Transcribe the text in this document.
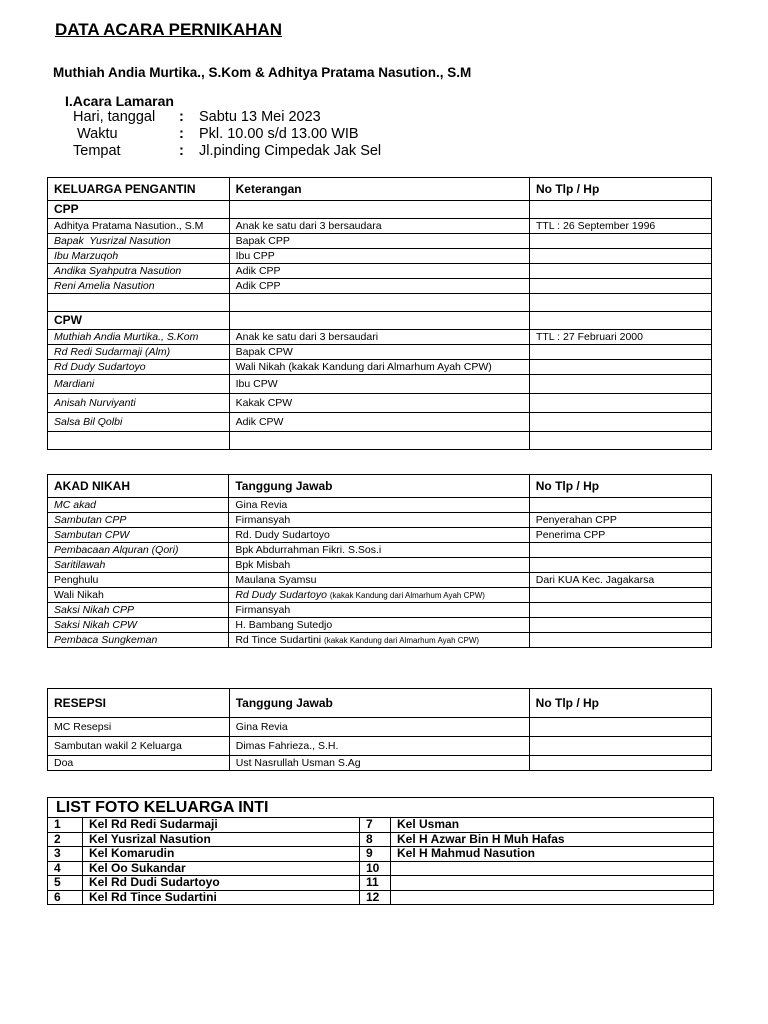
DATA ACARA PERNIKAHAN
Muthiah Andia Murtika., S.Kom & Adhitya Pratama Nasution., S.M
I.Acara Lamaran
Hari, tanggal : Sabtu 13 Mei 2023
Waktu	: Pkl. 10.00 s/d 13.00 WIB
Tempat	: Jl.pinding Cimpedak Jak Sel
KELUARGA PENGANTIN	Keterangan	No Tlp / Hp
CPP		
Adhitya Pratama Nasution., S.M	Anak ke satu dari 3 bersaudara	TTL : 26 September 1996
Bapak  Yusrizal Nasution	Bapak CPP	
Ibu Marzuqoh	Ibu CPP	
Andika Syahputra Nasution	Adik CPP	
Reni Amelia Nasution	Adik CPP	

CPW		
Muthiah Andia Murtika., S.Kom	Anak ke satu dari 3 bersaudari	TTL : 27 Februari 2000
Rd Redi Sudarmaji (Alm)	Bapak CPW	
Rd Dudy Sudartoyo	Wali Nikah (kakak Kandung dari Almarhum Ayah CPW)	
Mardiani	Ibu CPW	
Anisah Nurviyanti	Kakak CPW	
Salsa Bil Qolbi	Adik CPW	

AKAD NIKAH	Tanggung Jawab	No Tlp / Hp
MC akad	Gina Revia	
Sambutan CPP	Firmansyah	Penyerahan CPP
Sambutan CPW	Rd. Dudy Sudartoyo	Penerima CPP
Pembacaan Alquran (Qori)	Bpk Abdurrahman Fikri. S.Sos.i	
Saritilawah	Bpk Misbah	
Penghulu	Maulana Syamsu	Dari KUA Kec. Jagakarsa
Wali Nikah	Rd Dudy Sudartoyo (kakak Kandung dari Almarhum Ayah CPW)	
Saksi Nikah CPP	Firmansyah	
Saksi Nikah CPW	H. Bambang Sutedjo	
Pembaca Sungkeman	Rd Tince Sudartini (kakak Kandung dari Almarhum Ayah CPW)	
RESEPSI	Tanggung Jawab	No Tlp / Hp
MC Resepsi	Gina Revia	
Sambutan wakil 2 Keluarga	Dimas Fahrieza., S.H.	
Doa	Ust Nasrullah Usman S.Ag	
LIST FOTO KELUARGA INTI			
1	Kel Rd Redi Sudarmaji	7	Kel Usman
2	Kel Yusrizal Nasution	8	Kel H Azwar Bin H Muh Hafas
3	Kel Komarudin	9	Kel H Mahmud Nasution
4	Kel Oo Sukandar	10	
5	Kel Rd Dudi Sudartoyo	11	
6	Kel Rd Tince Sudartini	12	
